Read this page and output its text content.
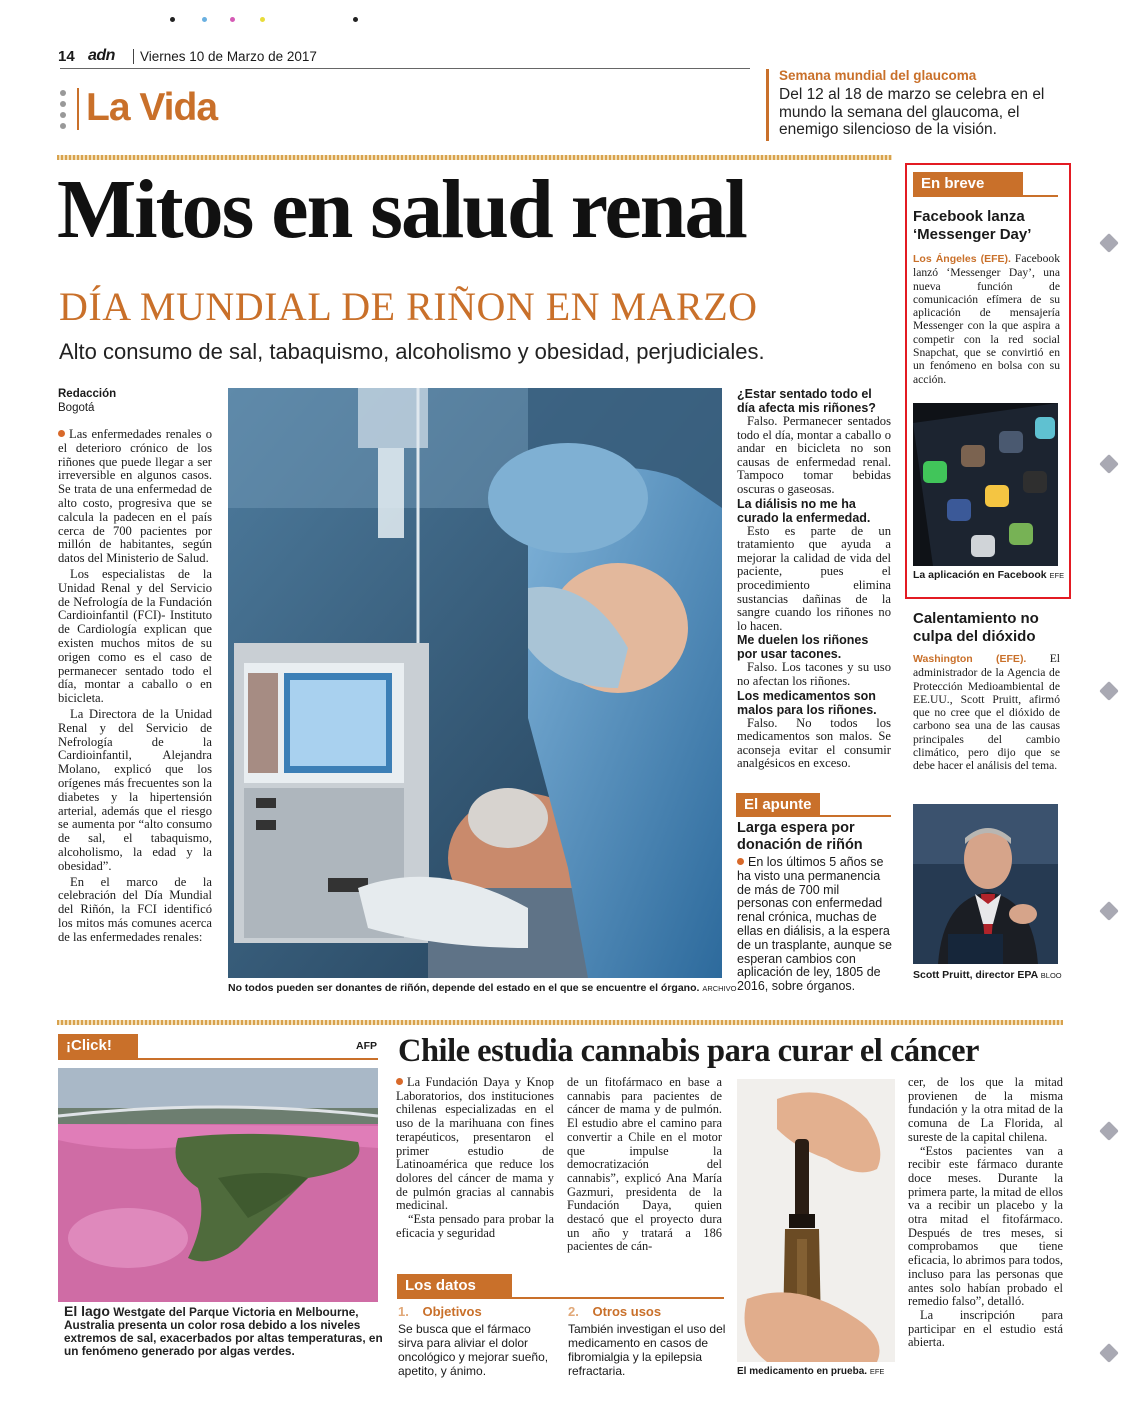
14 adn Viernes 10 de Marzo de 2017
La Vida
Semana mundial del glaucoma
Del 12 al 18 de marzo se celebra en el mundo la semana del glaucoma, el enemigo silencioso de la visión.
Mitos en salud renal
DÍA MUNDIAL DE RIÑON EN MARZO
Alto consumo de sal, tabaquismo, alcoholismo y obesidad, perjudiciales.
Redacción
Bogotá

Las enfermedades renales o el deterioro crónico de los riñones que puede llegar a ser irreversible en algunos casos. Se trata de una enfermedad de alto costo, progresiva que se calcula la padecen en el país cerca de 700 pacientes por millón de habitantes, según datos del Ministerio de Salud.

Los especialistas de la Unidad Renal y del Servicio de Nefrología de la Fundación Cardioinfantil (FCI)- Instituto de Cardiología explican que existen muchos mitos de su origen como es el caso de permanecer sentado todo el día, montar a caballo o en bicicleta.

La Directora de la Unidad Renal y del Servicio de Nefrología de la Cardioinfantil, Alejandra Molano, explicó que los orígenes más frecuentes son la diabetes y la hipertensión arterial, además que el riesgo se aumenta por “alto consumo de sal, el tabaquismo, alcoholismo, la edad y la obesidad”.

En el marco de la celebración del Día Mundial del Riñón, la FCI identificó los mitos más comunes acerca de las enfermedades renales:

No todos pueden ser donantes de riñón, depende del estado en el que se encuentre el órgano. ARCHIVO
¿Estar sentado todo el día afecta mis riñones?
Falso. Permanecer sentados todo el día, montar a caballo o andar en bicicleta no son causas de enfermedad renal. Tampoco tomar bebidas oscuras o gaseosas.
La diálisis no me ha curado la enfermedad.
Esto es parte de un tratamiento que ayuda a mejorar la calidad de vida del paciente, pues el procedimiento elimina sustancias dañinas de la sangre cuando los riñones no lo hacen.
Me duelen los riñones por usar tacones.
Falso. Los tacones y su uso no afectan los riñones.
Los medicamentos son malos para los riñones.
Falso. No todos los medicamentos son malos. Se aconseja evitar el consumir analgésicos en exceso.
El apunte
Larga espera por donación de riñón
En los últimos 5 años se ha visto una permanencia de más de 700 mil personas con enfermedad renal crónica, muchas de ellas en diálisis, a la espera de un trasplante, aunque se esperan cambios con aplicación de ley, 1805 de 2016, sobre órganos.
En breve
Facebook lanza ‘Messenger Day’
Los Ángeles (EFE). Facebook lanzó ‘Messenger Day’, una nueva función de comunicación efímera de su aplicación de mensajería Messenger con la que aspira a competir con la red social Snapchat, que se convirtió en un fenómeno en bolsa con su acción.
La aplicación en Facebook EFE
Calentamiento no culpa del dióxido
Washington (EFE). El administrador de la Agencia de Protección Medioambiental de EE.UU., Scott Pruitt, afirmó que no cree que el dióxido de carbono sea una de las causas principales del cambio climático, pero dijo que se debe hacer el análisis del tema.
Scott Pruitt, director EPA BLOO
¡Click!	AFP
El lago Westgate del Parque Victoria en Melbourne, Australia presenta un color rosa debido a los niveles extremos de sal, exacerbados por altas temperaturas, en un fenómeno generado por algas verdes.
Chile estudia cannabis para curar el cáncer

La Fundación Daya y Knop Laboratorios, dos instituciones chilenas especializadas en el uso de la marihuana con fines terapéuticos, presentaron el primer estudio de Latinoamérica que reduce los dolores del cáncer de mama y de pulmón gracias al cannabis medicinal.

“Esta pensado para probar la eficacia y seguridad

de un fitofármaco en base a cannabis para pacientes de cáncer de mama y de pulmón. El estudio abre el camino para convertir a Chile en el motor que impulse la democratización del cannabis”, explicó Ana María Gazmuri, presidenta de la Fundación Daya, quien destacó que el proyecto dura un año y tratará a 186 pacientes de cán-

El medicamento en prueba. EFE

cer, de los que la mitad provienen de la misma fundación y la otra mitad de la comuna de La Florida, al sureste de la capital chilena.

“Estos pacientes van a recibir este fármaco durante doce meses. Durante la primera parte, la mitad de ellos va a recibir un placebo y la otra mitad el fitofármaco. Después de tres meses, si comprobamos que tiene eficacia, lo abrimos para todos, incluso para las personas que antes solo habían probado el remedio falso”, detalló.

La inscripción para participar en el estudio está abierta.

Los datos
1. Objetivos
Se busca que el fármaco sirva para aliviar el dolor oncológico y mejorar sueño, apetito, y ánimo.
2. Otros usos
También investigan el uso del medicamento en casos de fibromialgia y la epilepsia refractaria.
